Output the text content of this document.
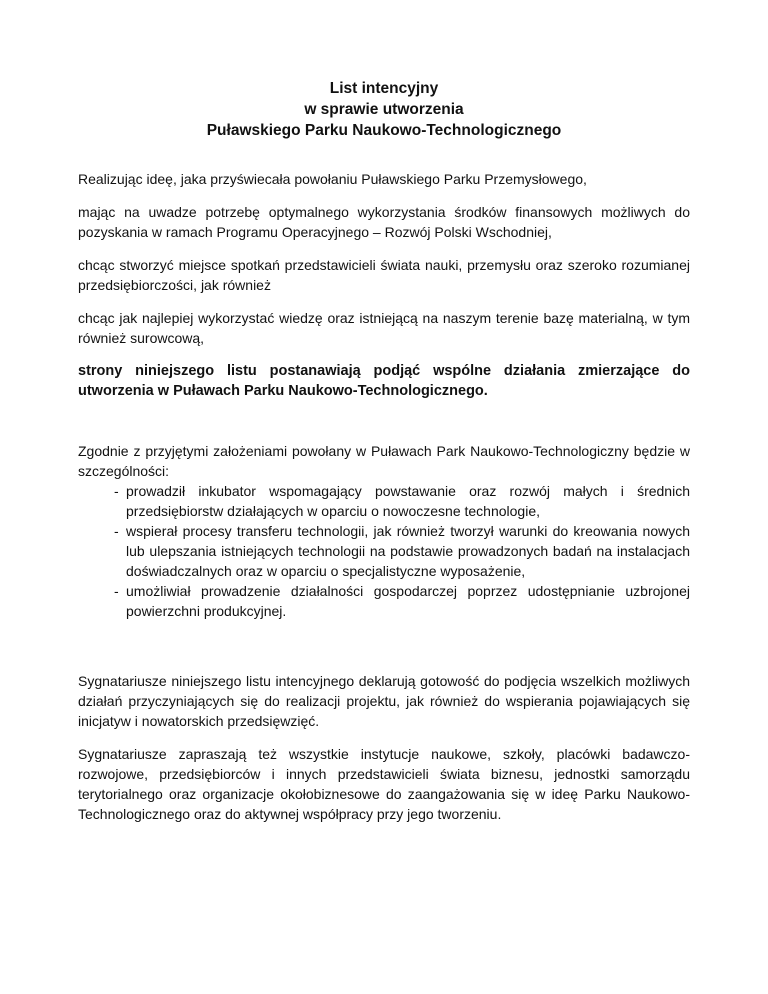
List intencyjny
w sprawie utworzenia
Puławskiego Parku Naukowo-Technologicznego

Realizując ideę, jaka przyświecała powołaniu Puławskiego Parku Przemysłowego,

mając na uwadze potrzebę optymalnego wykorzystania środków finansowych możliwych do pozyskania w ramach Programu Operacyjnego – Rozwój Polski Wschodniej,

chcąc stworzyć miejsce spotkań przedstawicieli świata nauki, przemysłu oraz szeroko rozumianej przedsiębiorczości, jak również

chcąc jak najlepiej wykorzystać wiedzę oraz istniejącą na naszym terenie bazę materialną, w tym również surowcową,

strony niniejszego listu postanawiają podjąć wspólne działania zmierzające do utworzenia w Puławach Parku Naukowo-Technologicznego.

Zgodnie z przyjętymi założeniami powołany w Puławach Park Naukowo-Technologiczny będzie w szczególności:

- prowadził inkubator wspomagający powstawanie oraz rozwój małych i średnich przedsiębiorstw działających w oparciu o nowoczesne technologie,
- wspierał procesy transferu technologii, jak również tworzył warunki do kreowania nowych lub ulepszania istniejących technologii na podstawie prowadzonych badań na instalacjach doświadczalnych oraz w oparciu o specjalistyczne wyposażenie,
- umożliwiał prowadzenie działalności gospodarczej poprzez udostępnianie uzbrojonej powierzchni produkcyjnej.

Sygnatariusze niniejszego listu intencyjnego deklarują gotowość do podjęcia wszelkich możliwych działań przyczyniających się do realizacji projektu, jak również do wspierania pojawiających się inicjatyw i nowatorskich przedsięwzięć.

Sygnatariusze zapraszają też wszystkie instytucje naukowe, szkoły, placówki badawczo-rozwojowe, przedsiębiorców i innych przedstawicieli świata biznesu, jednostki samorządu terytorialnego oraz organizacje okołobiznesowe do zaangażowania się w ideę Parku Naukowo-Technologicznego oraz do aktywnej współpracy przy jego tworzeniu.
